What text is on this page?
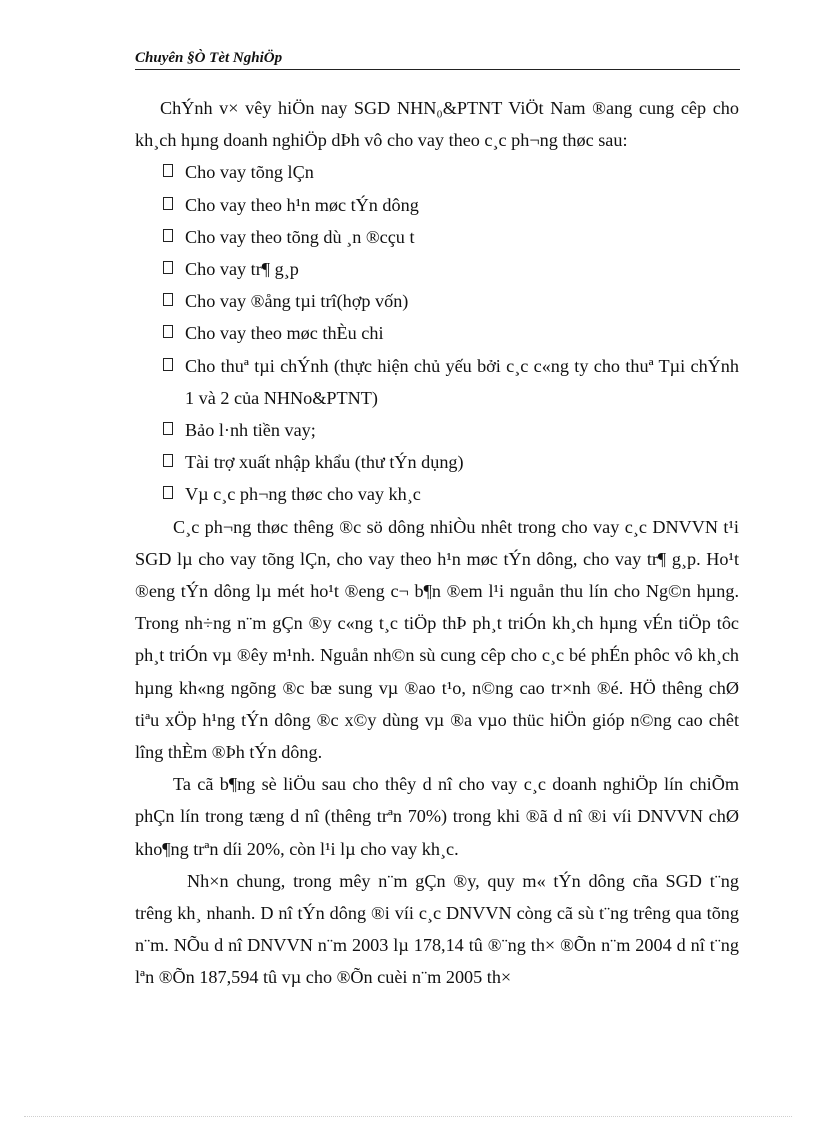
Chuyên §Ò Tèt NghiÖp

ChÝnh v× vêy hiÖn nay SGD NHN₀&PTNT ViÖt Nam ®ang cung cêp cho kh¸ch hµng doanh nghiÖp dÞh vô cho vay theo c¸c ph¬ng thøc sau:

Cho vay tõng lÇn
Cho vay theo h¹n møc tÝn dông
Cho vay theo tõng dù ¸n ®cçu t
Cho vay tr¶ g¸p
Cho vay ®ång tµi trî(hợp vốn)
Cho vay theo møc thÈu chi
Cho thuª tµi chÝnh (thực hiện chủ yếu bởi c¸c c«ng ty cho thuª Tµi chÝnh 1 và 2 của NHNo&PTNT)
Bảo l·nh tiền vay;
Tài trợ xuất nhập khẩu (thư tÝn dụng)
Vµ c¸c ph¬ng thøc cho vay kh¸c

C¸c ph¬ng thøc thêng ®c sö dông nhiÒu nhêt trong cho vay c¸c DNVVN t¹i SGD lµ cho vay tõng lÇn, cho vay theo h¹n møc tÝn dông, cho vay tr¶ g¸p. Ho¹t ®eng tÝn dông lµ mét ho¹t ®eng c¬ b¶n ®em l¹i nguån thu lín cho Ng©n hµng. Trong nh÷ng n¨m gÇn ®y c«ng t¸c tiÖp thÞ ph¸t triÓn kh¸ch hµng vÉn tiÖp tôc ph¸t triÓn vµ ®êy m¹nh. Nguån nh©n sù cung cêp cho c¸c bé phÉn phôc vô kh¸ch hµng kh«ng ngõng ®c bæ sung vµ ®ao t¹o, n©ng cao tr×nh ®é. HÖ thêng chØ tiªu xÖp h¹ng tÝn dông ®c x©y dùng vµ ®a vµo thüc hiÖn gióp n©ng cao chêt lîng thÈm ®Þh tÝn dông.

Ta cã b¶ng sè liÖu sau cho thêy d nî cho vay c¸c doanh nghiÖp lín chiÕm phÇn lín trong tæng d nî (thêng trªn 70%) trong khi ®ã d nî ®i víi DNVVN chØ kho¶ng trªn díi 20%, còn l¹i lµ cho vay kh¸c.

Nh×n chung, trong mêy n¨m gÇn ®y, quy m« tÝn dông cña SGD t¨ng trêng kh¸ nhanh. D nî tÝn dông ®i víi c¸c DNVVN còng cã sù t¨ng trêng qua tõng n¨m. NÕu d nî DNVVN n¨m 2003 lµ 178,14 tû ®¨ng th× ®Õn n¨m 2004 d nî t¨ng lªn ®Õn 187,594 tû vµ cho ®Õn cuèi n¨m 2005 th×
